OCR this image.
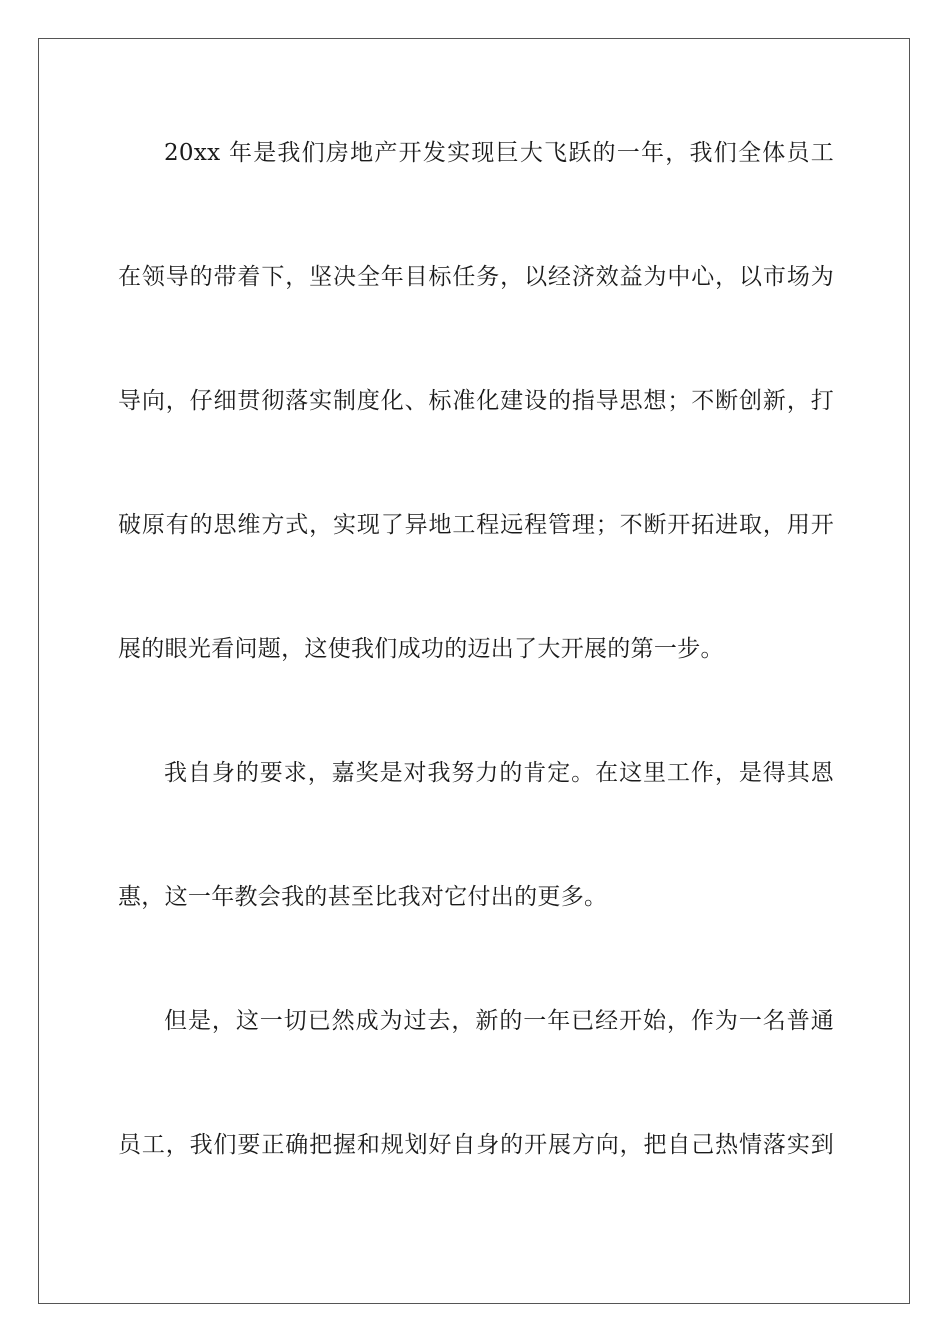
20xx 年是我们房地产开发实现巨大飞跃的一年，我们全体员工
在领导的带着下，坚决全年目标任务，以经济效益为中心，以市场为
导向，仔细贯彻落实制度化、标准化建设的指导思想；不断创新，打
破原有的思维方式，实现了异地工程远程管理；不断开拓进取，用开
展的眼光看问题，这使我们成功的迈出了大开展的第一步。
我自身的要求，嘉奖是对我努力的肯定。在这里工作，是得其恩
惠，这一年教会我的甚至比我对它付出的更多。
但是，这一切已然成为过去，新的一年已经开始，作为一名普通
员工，我们要正确把握和规划好自身的开展方向，把自己热情落实到
